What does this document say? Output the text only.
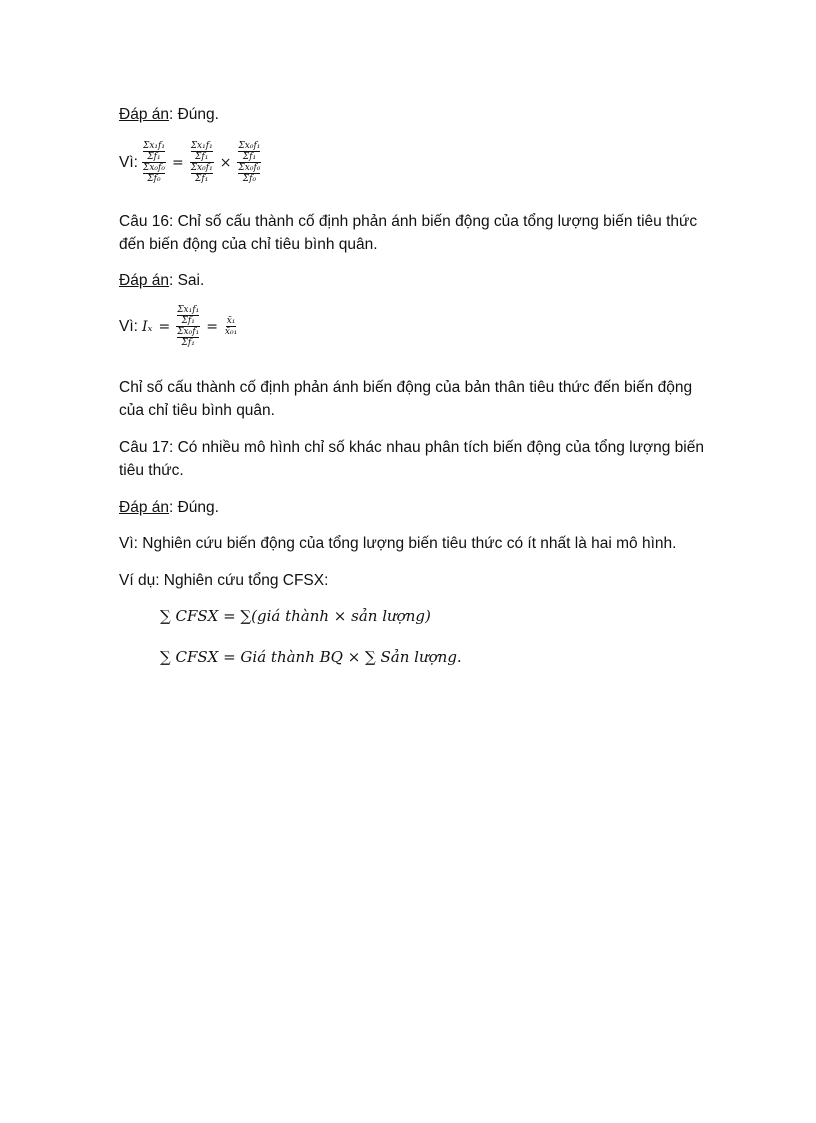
Đáp án: Đúng.

Vì: $\frac{\frac{\text{Σx₁f₁}}{\text{Σf₁}}}{\frac{\text{Σx₀f₀}}{\text{Σf₀}}} = \frac{\frac{\text{Σx₁f₁}}{\text{Σf₁}}}{\frac{\text{Σx₀f₁}}{\text{Σf₁}}} \times \frac{\frac{\text{Σx₀f₁}}{\text{Σf₁}}}{\frac{\text{Σx₀f₀}}{\text{Σf₀}}}$

Câu 16: Chỉ số cấu thành cố định phản ánh biến động của tổng lượng biến tiêu thức đến biến động của chỉ tiêu bình quân.

Đáp án: Sai.

Vì: $I_x = \frac{\frac{\text{Σx₁f₁}}{\text{Σf₁}}}{\frac{\text{Σx₀f₁}}{\text{Σf₁}}} = \frac{\text{x̄₁}}{\text{x̄₀₁}}$

Chỉ số cấu thành cố định phản ánh biến động của bản thân tiêu thức đến biến động của chỉ tiêu bình quân.

Câu 17: Có nhiều mô hình chỉ số khác nhau phân tích biến động của tổng lượng biến tiêu thức.

Đáp án: Đúng.

Vì: Nghiên cứu biến động của tổng lượng biến tiêu thức có ít nhất là hai mô hình.

Ví dụ: Nghiên cứu tổng CFSX:

∑ CFSX = ∑(giá thành × sản lượng)
∑ CFSX = Giá thành BQ × ∑ Sản lượng.
